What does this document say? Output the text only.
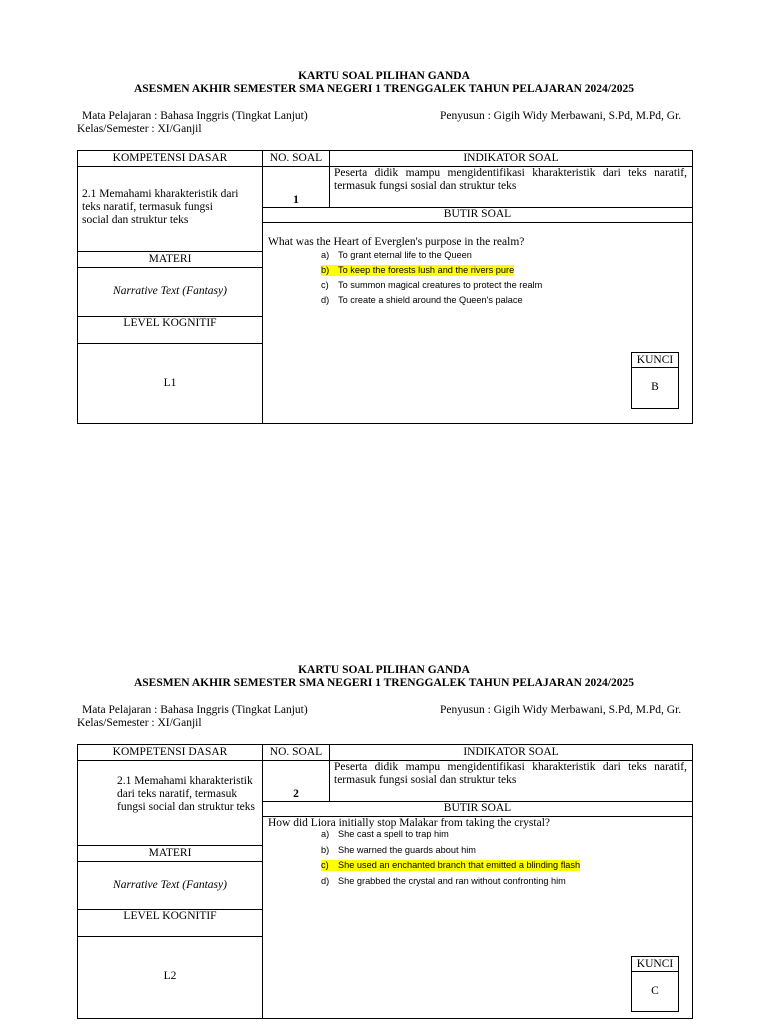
KARTU SOAL PILIHAN GANDA
ASESMEN AKHIR SEMESTER SMA NEGERI 1 TRENGGALEK TAHUN PELAJARAN 2024/2025
Mata Pelajaran : Bahasa Inggris (Tingkat Lanjut)
Kelas/Semester : XI/Ganjil
Penyusun : Gigih Widy Merbawani, S.Pd, M.Pd, Gr.
KOMPETENSI DASAR	NO. SOAL	INDIKATOR SOAL
2.1 Memahami kharakteristik dari teks naratif, termasuk fungsi social dan struktur teks
1
Peserta didik mampu mengidentifikasi kharakteristik dari teks naratif, termasuk fungsi sosial dan struktur teks
BUTIR SOAL
What was the Heart of Everglen's purpose in the realm?
a) To grant eternal life to the Queen
b) To keep the forests lush and the rivers pure
c) To summon magical creatures to protect the realm
d) To create a shield around the Queen's palace
MATERI
Narrative Text (Fantasy)
LEVEL KOGNITIF
L1
KUNCI
B
KARTU SOAL PILIHAN GANDA
ASESMEN AKHIR SEMESTER SMA NEGERI 1 TRENGGALEK TAHUN PELAJARAN 2024/2025
Mata Pelajaran : Bahasa Inggris (Tingkat Lanjut)
Kelas/Semester : XI/Ganjil
Penyusun : Gigih Widy Merbawani, S.Pd, M.Pd, Gr.
KOMPETENSI DASAR	NO. SOAL	INDIKATOR SOAL
2.1 Memahami kharakteristik dari teks naratif, termasuk fungsi social dan struktur teks
2
Peserta didik mampu mengidentifikasi kharakteristik dari teks naratif, termasuk fungsi sosial dan struktur teks
BUTIR SOAL
How did Liora initially stop Malakar from taking the crystal?
a) She cast a spell to trap him
b) She warned the guards about him
c) She used an enchanted branch that emitted a blinding flash
d) She grabbed the crystal and ran without confronting him
MATERI
Narrative Text (Fantasy)
LEVEL KOGNITIF
L2
KUNCI
C
